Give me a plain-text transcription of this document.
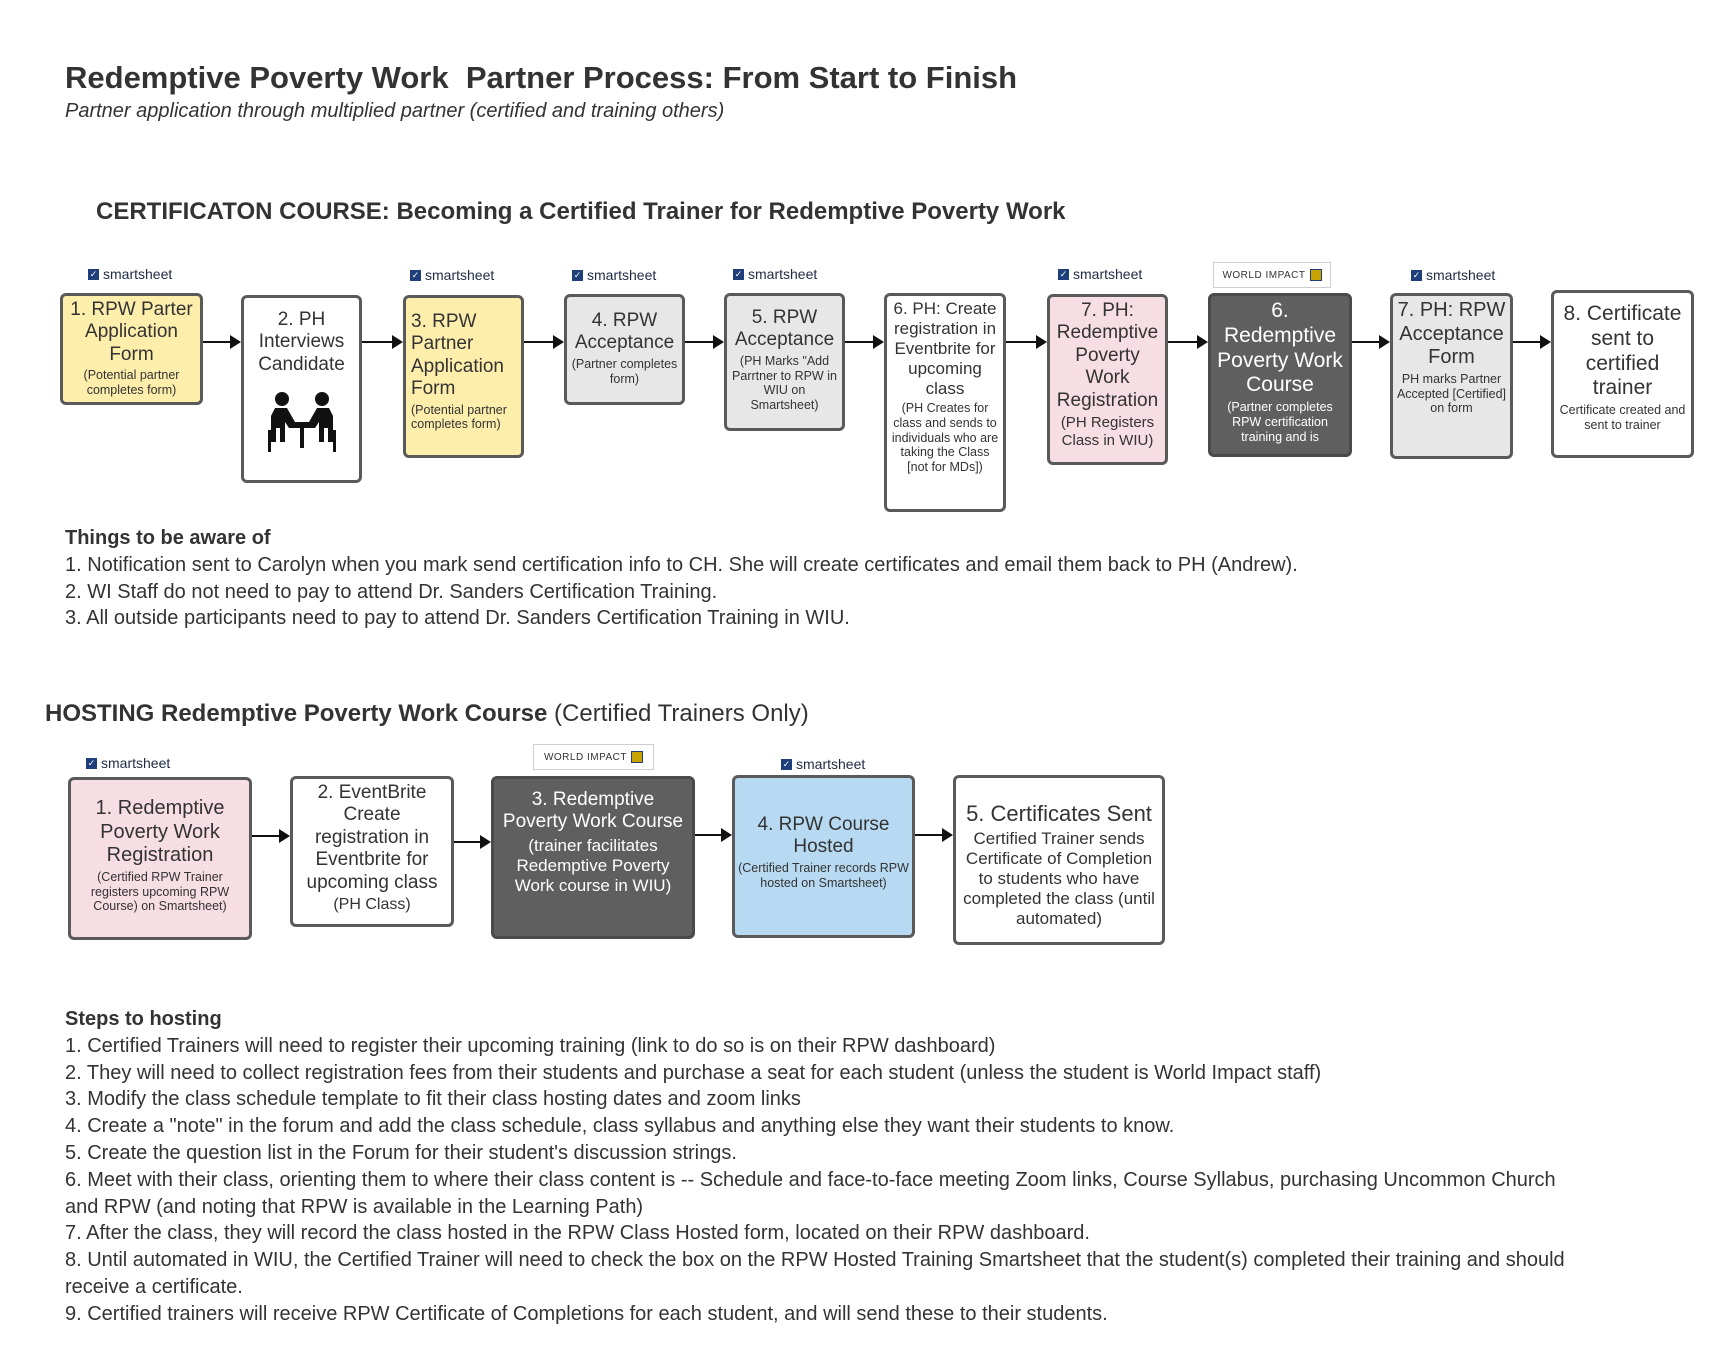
Redemptive Poverty Work  Partner Process: From Start to Finish
Partner application through multiplied partner (certified and training others)
CERTIFICATON COURSE: Becoming a Certified Trainer for Redemptive Poverty Work
✓ smartsheet	✓ smartsheet	✓ smartsheet	✓ smartsheet	✓ smartsheet	WORLD IMPACT	✓ smartsheet
1. RPW Parter Application Form
(Potential partner completes form)
2. PH Interviews Candidate
3. RPW Partner Application Form
(Potential partner completes form)
4. RPW Acceptance
(Partner completes form)
5. RPW Acceptance
(PH Marks "Add Parrtner to RPW in WIU on Smartsheet)
6. PH: Create registration in Eventbrite for upcoming class
(PH Creates for class and sends to individuals who are taking the Class [not for MDs])
7. PH: Redemptive Poverty Work Registration
(PH Registers Class in WIU)
6. Redemptive Poverty Work Course
(Partner completes RPW certification training and is
7. PH: RPW Acceptance Form
PH marks Partner Accepted [Certified] on form
8. Certificate sent to certified trainer
Certificate created and sent to trainer
Things to be aware of
1. Notification sent to Carolyn when you mark send certification info to CH. She will create certificates and email them back to PH (Andrew).
2. WI Staff do not need to pay to attend Dr. Sanders Certification Training.
3. All outside participants need to pay to attend Dr. Sanders Certification Training in WIU.
HOSTING Redemptive Poverty Work Course (Certified Trainers Only)
✓ smartsheet	WORLD IMPACT
✓ smartsheet
1. Redemptive Poverty Work Registration
(Certified RPW Trainer registers upcoming RPW Course) on Smartsheet)
2. EventBrite Create registration in Eventbrite for upcoming class
(PH Class)
3. Redemptive Poverty Work Course
(trainer facilitates Redemptive Poverty Work course in WIU)
4. RPW Course Hosted
(Certified Trainer records RPW hosted on Smartsheet)
5. Certificates Sent
Certified Trainer sends Certificate of Completion to students who have completed the class (until automated)
Steps to hosting
1. Certified Trainers will need to register their upcoming training (link to do so is on their RPW dashboard)
2. They will need to collect registration fees from their students and purchase a seat for each student (unless the student is World Impact staff)
3. Modify the class schedule template to fit their class hosting dates and zoom links
4. Create a "note" in the forum and add the class schedule, class syllabus and anything else they want their students to know.
5. Create the question list in the Forum for their student's discussion strings.
6. Meet with their class, orienting them to where their class content is -- Schedule and face-to-face meeting Zoom links, Course Syllabus, purchasing Uncommon Church and RPW (and noting that RPW is available in the Learning Path)
7. After the class, they will record the class hosted in the RPW Class Hosted form, located on their RPW dashboard.
8. Until automated in WIU, the Certified Trainer will need to check the box on the RPW Hosted Training Smartsheet that the student(s) completed their training and should receive a certificate.
9. Certified trainers will receive RPW Certificate of Completions for each student, and will send these to their students.
